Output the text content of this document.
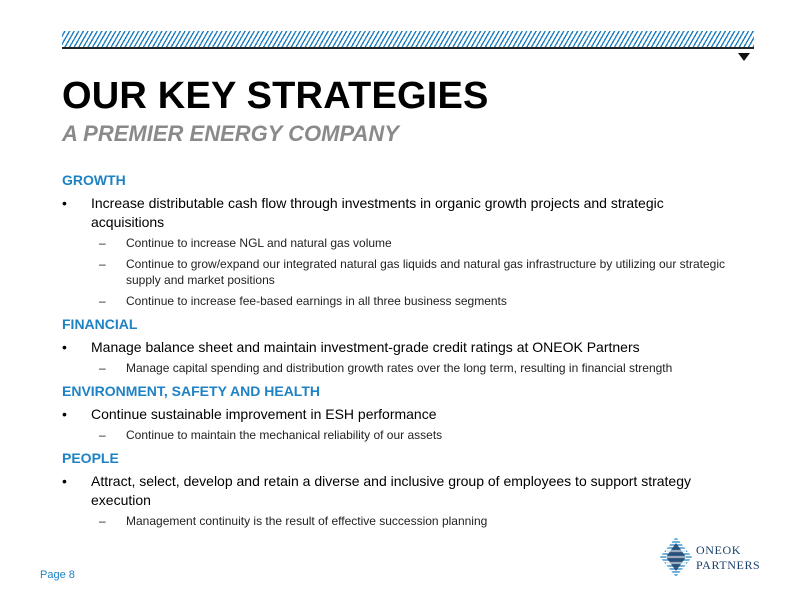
OUR KEY STRATEGIES
A PREMIER ENERGY COMPANY
GROWTH
• Increase distributable cash flow through investments in organic growth projects and strategic acquisitions
– Continue to increase NGL and natural gas volume
– Continue to grow/expand our integrated natural gas liquids and natural gas infrastructure by utilizing our strategic supply and market positions
– Continue to increase fee-based earnings in all three business segments
FINANCIAL
• Manage balance sheet and maintain investment-grade credit ratings at ONEOK Partners
– Manage capital spending and distribution growth rates over the long term, resulting in financial strength
ENVIRONMENT, SAFETY AND HEALTH
• Continue sustainable improvement in ESH performance
– Continue to maintain the mechanical reliability of our assets
PEOPLE
• Attract, select, develop and retain a diverse and inclusive group of employees to support strategy execution
– Management continuity is the result of effective succession planning
Page 8
ONEOK
PARTNERS
